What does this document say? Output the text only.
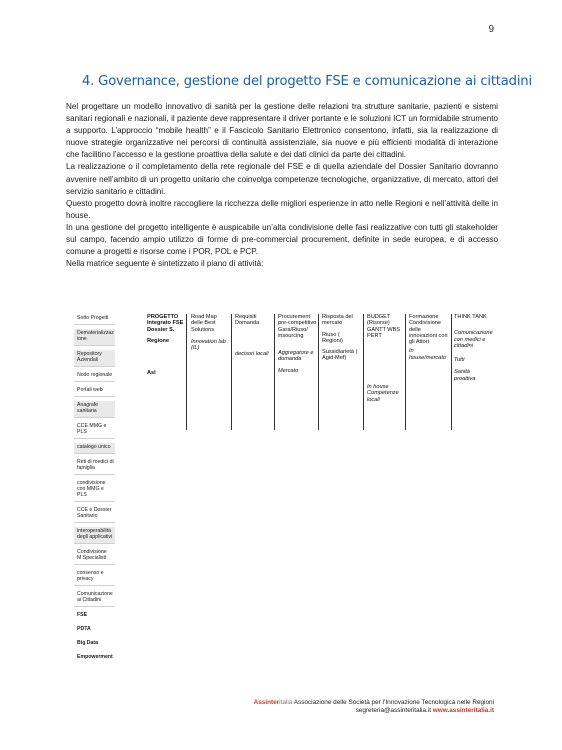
9
4. Governance, gestione del progetto FSE e comunicazione ai cittadini

Nel progettare un modello innovativo di sanità per la gestione delle relazioni tra strutture sanitarie, pazienti e sistemi sanitari regionali e nazionali, il paziente deve rappresentare il driver portante e le soluzioni ICT un formidabile strumento a supporto. L’approccio “mobile health” e il Fascicolo Sanitario Elettronico consentono, infatti, sia la realizzazione di nuove strategie organizzative nei percorsi di continuità assistenziale, sia nuove e più efficienti modalità di interazione che facilitino l’accesso e la gestione proattiva della salute e dei dati clinici da parte dei cittadini.

La realizzazione o il completamento della rete regionale del FSE e di quella aziendale del Dossier Sanitario dovranno avvenire nell’ambito di un progetto unitario che coinvolga competenze tecnologiche, organizzative, di mercato, attori del servizio sanitario e cittadini.

Questo progetto dovrà inoltre raccogliere la ricchezza delle migliori esperienze in atto nelle Regioni e nell’attività delle in house.

In una gestione del progetto intelligente è auspicabile un’alta condivisione delle fasi realizzative con tutti gli stakeholder sul campo, facendo ampio utilizzo di forme di pre-commercial procurement, definite in sede europea, e di accesso comune a progetti e risorse come i POR, POL e PCP.

Nella matrice seguente è sintetizzato il piano di attività:

Sotto Progetti
Dematerializzazione
Repository Aziendali
Nodo regionale
Portali web
Anagrafe sanitaria
CCE MMG e PLS
catalogo unico
Reti di medici di famiglia
condivisione con MMG e PLS
CCE e Dossier Sanitario
interoperabilità degli applicativi
Condivisione M.Specialisti
consenso e privacy
Comunicazione ai Cittadini
FSE
PDTA
Big Data
Empowerment
PROGETTO Integrato FSE Dossier S.
Regione
Asl
Road Map delle Best Solutions
Innovation lab (IL)
Requisiti Domanda
decisori locali
Procurement pre-competitivo Gara/Riuso/ insourcing
Aggregatore e domanda
Mercato
Risposta del mercato
Riuso ( Regioni)
Sussidiarietà ( Agid-Mef)
BUDGET (Risorse) GANTT WBS PERT
In house Competenze locali
Formazione Condivisione delle innovazioni con gli Attori
In house/mercato
THINK TANK
Comunicazione con medici e cittadini
Tutti
Sanità proattiva
Assinteritalia Associazione delle Società per l’Innovazione Tecnologica nelle Regioni
segreteria@assinteritalia.it www.assinteritalia.it
